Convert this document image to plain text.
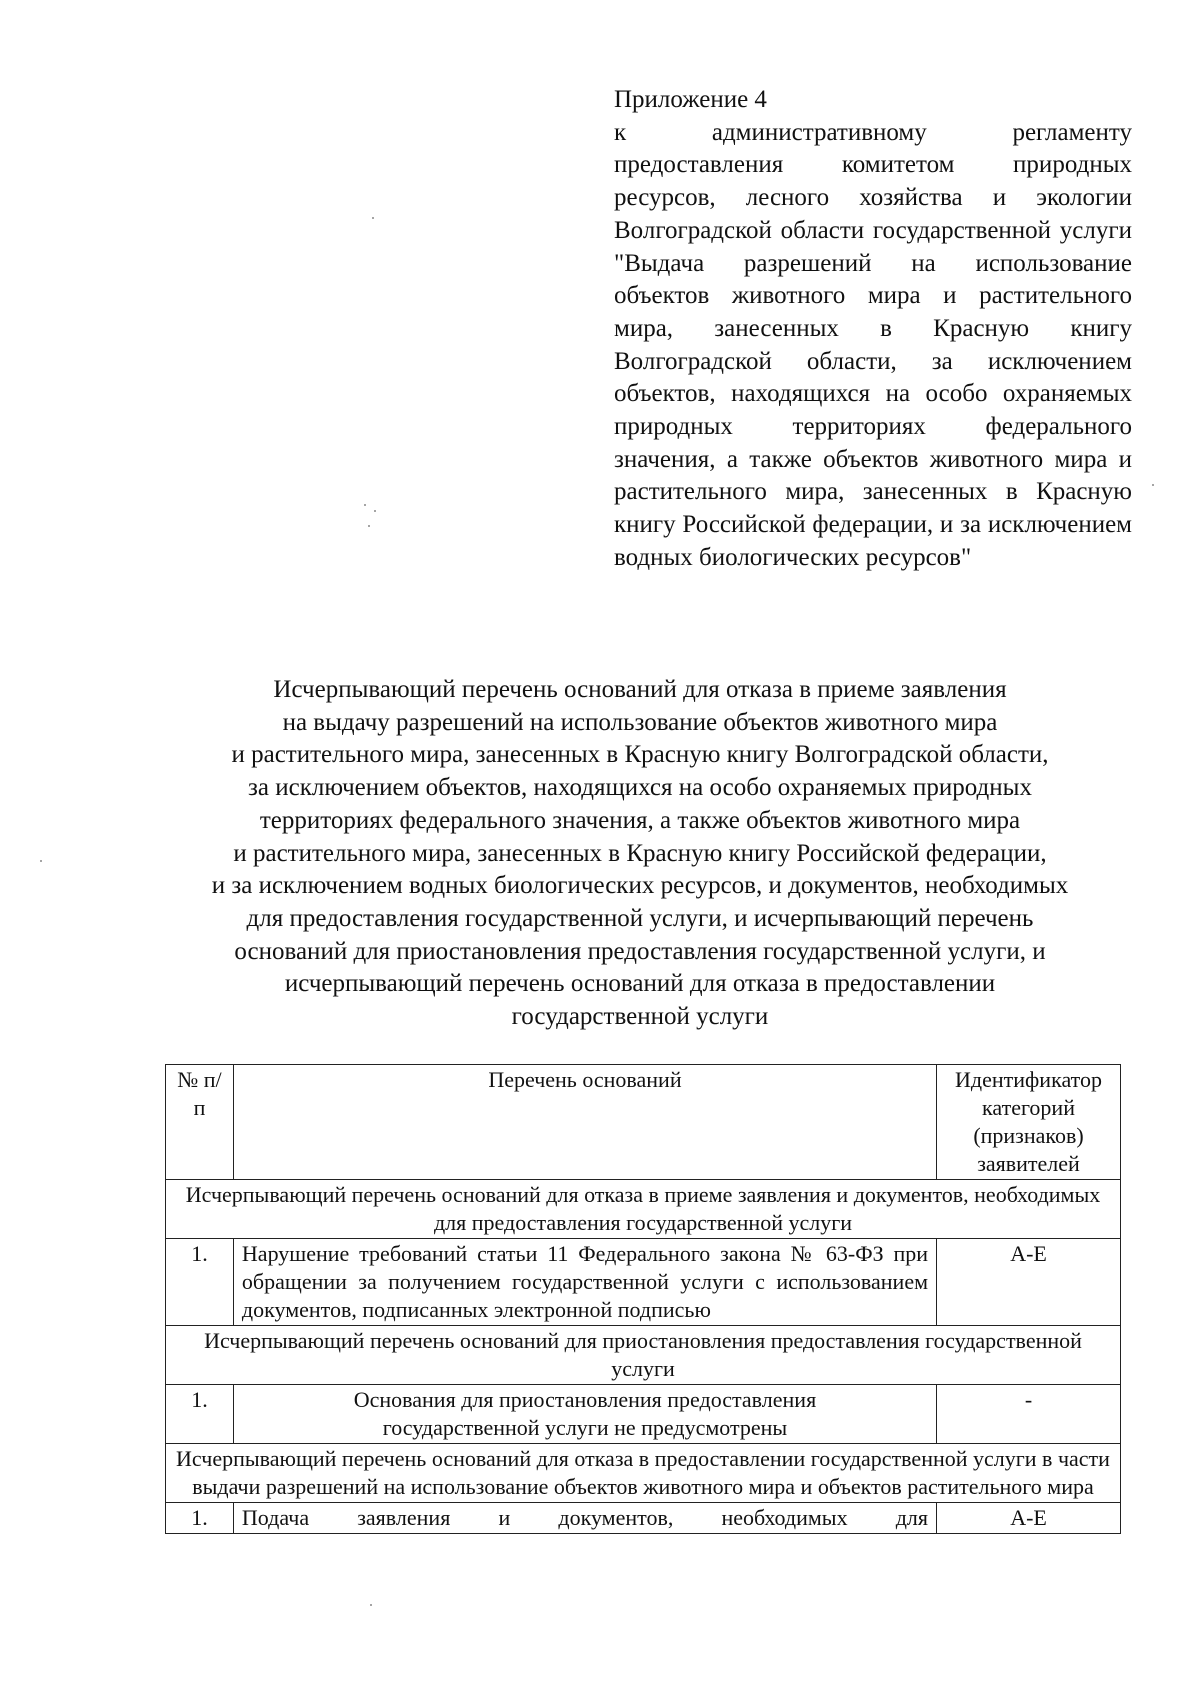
Приложение 4
к административному регламенту предоставления комитетом природных ресурсов, лесного хозяйства и экологии Волгоградской области государственной услуги "Выдача разрешений на использование объектов животного мира и растительного мира, занесенных в Красную книгу Волгоградской области, за исключением объектов, находящихся на особо охраняемых природных территориях федерального значения, а также объектов животного мира и растительного мира, занесенных в Красную книгу Российской федерации, и за исключением водных биологических ресурсов"
Исчерпывающий перечень оснований для отказа в приеме заявления
на выдачу разрешений на использование объектов животного мира
и растительного мира, занесенных в Красную книгу Волгоградской области,
за исключением объектов, находящихся на особо охраняемых природных
территориях федерального значения, а также объектов животного мира
и растительного мира, занесенных в Красную книгу Российской федерации,
и за исключением водных биологических ресурсов, и документов, необходимых
для предоставления государственной услуги, и исчерпывающий перечень
оснований для приостановления предоставления государственной услуги, и
исчерпывающий перечень оснований для отказа в предоставлении
государственной услуги
№ п/п	Перечень оснований	Идентификатор категорий (признаков) заявителей
Исчерпывающий перечень оснований для отказа в приеме заявления и документов, необходимых для предоставления государственной услуги		
1.	Нарушение требований статьи 11 Федерального закона № 63-ФЗ при обращении за получением государственной услуги с использованием документов, подписанных электронной подписью	А-Е
Исчерпывающий перечень оснований для приостановления предоставления государственной услуги		
1.	Основания для приостановления предоставления государственной услуги не предусмотрены	-
Исчерпывающий перечень оснований для отказа в предоставлении государственной услуги в части выдачи разрешений на использование объектов животного мира и объектов растительного мира		
1.	Подача заявления и документов, необходимых для	А-Е
